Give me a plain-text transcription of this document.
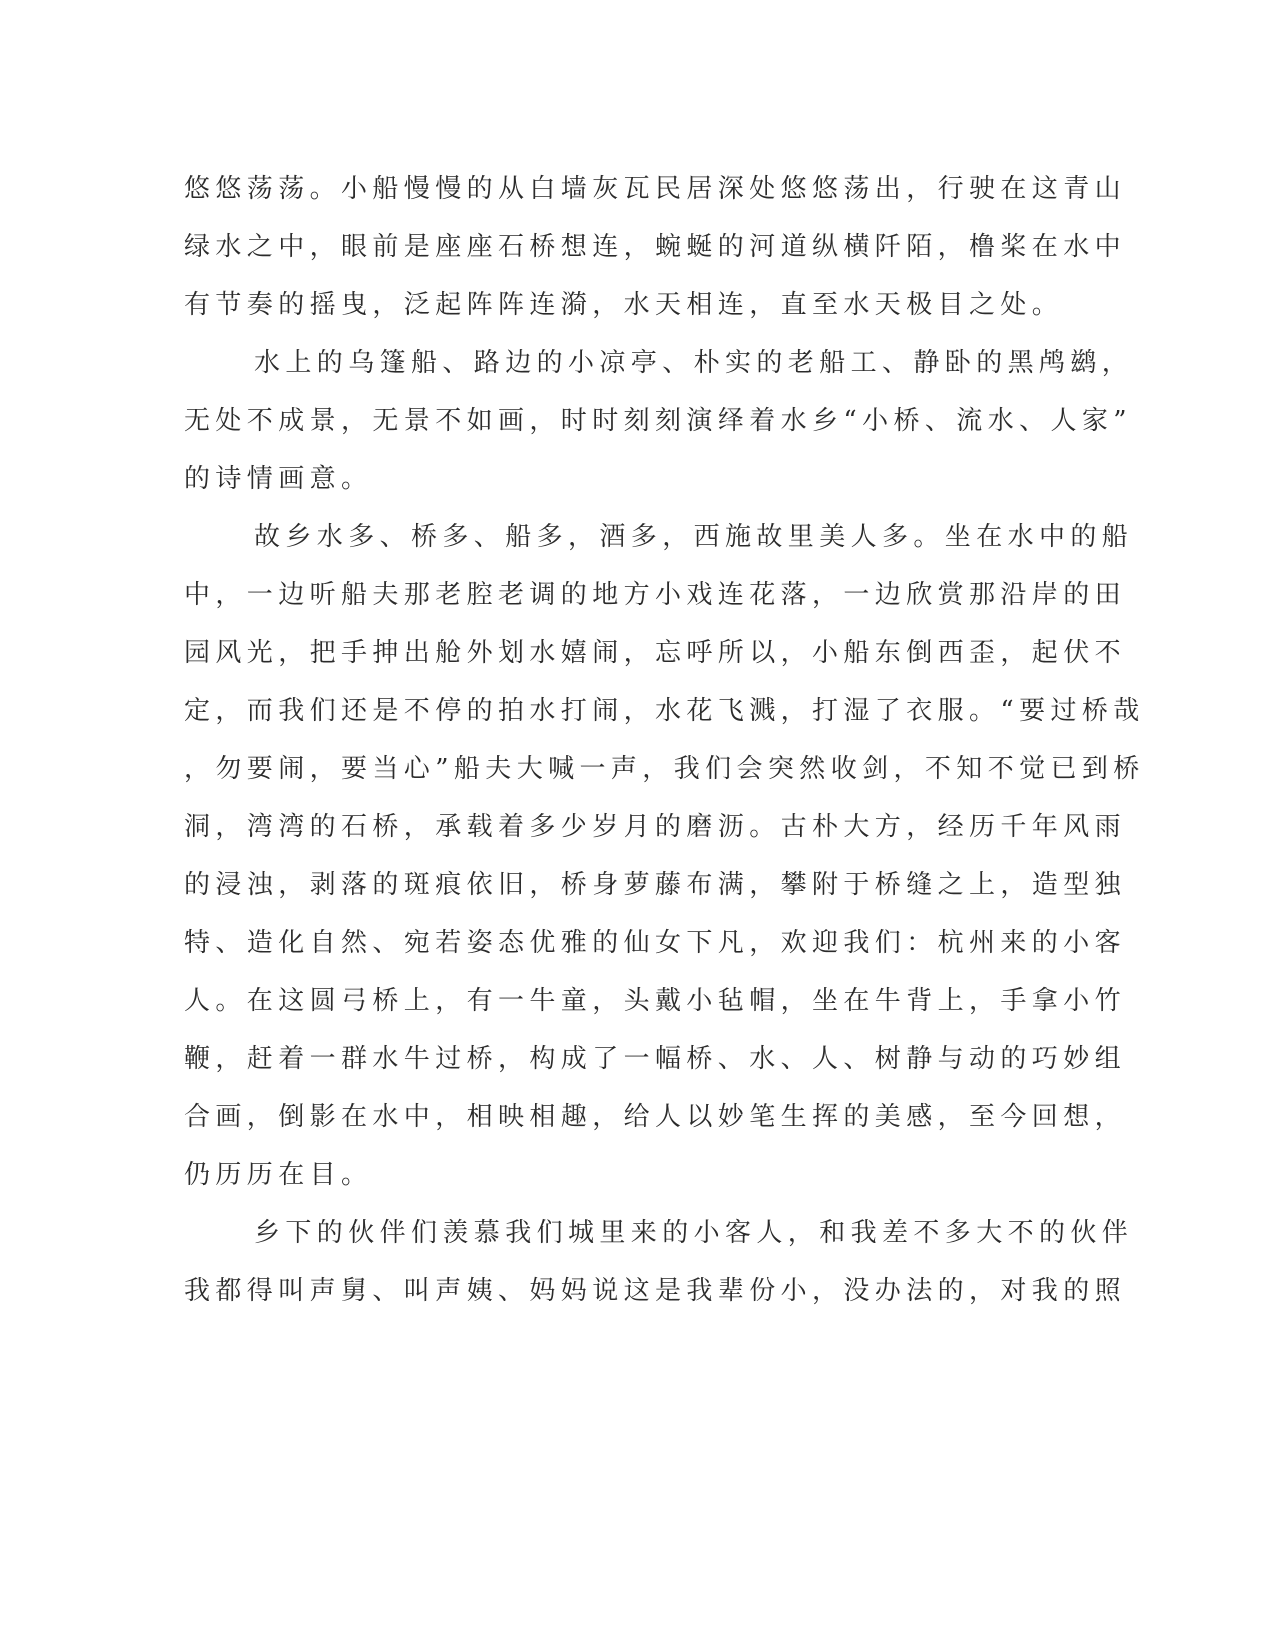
悠悠荡荡。小船慢慢的从白墙灰瓦民居深处悠悠荡出，行驶在这青山
绿水之中，眼前是座座石桥想连，蜿蜒的河道纵横阡陌，橹桨在水中
有节奏的摇曳，泛起阵阵连漪，水天相连，直至水天极目之处。
水上的乌篷船、路边的小凉亭、朴实的老船工、静卧的黑鸬鹚，
无处不成景，无景不如画，时时刻刻演绎着水乡“小桥、流水、人家”
的诗情画意。
故乡水多、桥多、船多，酒多，西施故里美人多。坐在水中的船
中，一边听船夫那老腔老调的地方小戏连花落，一边欣赏那沿岸的田
园风光，把手抻出舱外划水嬉闹，忘呼所以，小船东倒西歪，起伏不
定，而我们还是不停的拍水打闹，水花飞溅，打湿了衣服。“要过桥哉
，勿要闹，要当心”船夫大喊一声，我们会突然收剑，不知不觉已到桥
洞，湾湾的石桥，承载着多少岁月的磨沥。古朴大方，经历千年风雨
的浸浊，剥落的斑痕依旧，桥身萝藤布满，攀附于桥缝之上，造型独
特、造化自然、宛若姿态优雅的仙女下凡，欢迎我们：杭州来的小客
人。在这圆弓桥上，有一牛童，头戴小毡帽，坐在牛背上，手拿小竹
鞭，赶着一群水牛过桥，构成了一幅桥、水、人、树静与动的巧妙组
合画，倒影在水中，相映相趣，给人以妙笔生挥的美感，至今回想，
仍历历在目。
乡下的伙伴们羡慕我们城里来的小客人，和我差不多大不的伙伴
我都得叫声舅、叫声姨、妈妈说这是我辈份小，没办法的，对我的照
